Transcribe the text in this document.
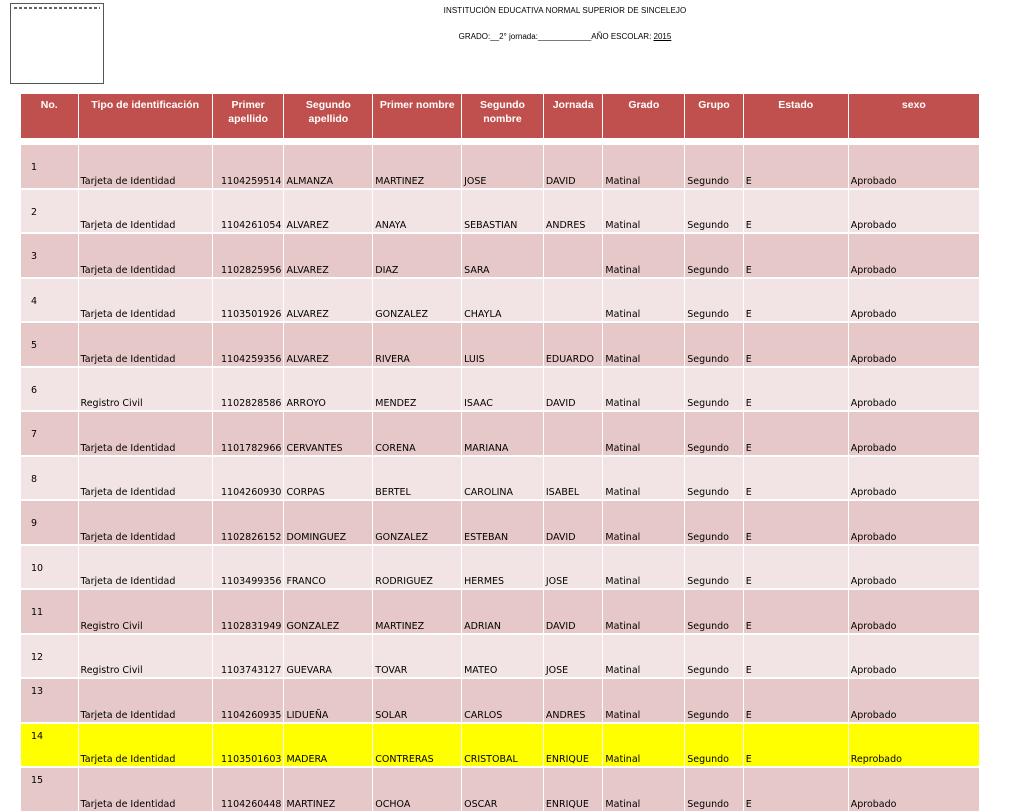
INSTITUCIÓN EDUCATIVA NORMAL SUPERIOR DE SINCELEJO
GRADO:__2° jornada:____________AÑO ESCOLAR: 2015
No.	Tipo de identificación	Primer apellido	Segundo apellido	Primer nombre	Segundo nombre	Jornada	Grado	Grupo	Estado	sexo

1	Tarjeta de Identidad	1104259514	ALMANZA	MARTINEZ	JOSE	DAVID	Matinal	Segundo	E	Aprobado

2	Tarjeta de Identidad	1104261054	ALVAREZ	ANAYA	SEBASTIAN	ANDRES	Matinal	Segundo	E	Aprobado

3	Tarjeta de Identidad	1102825956	ALVAREZ	DIAZ	SARA		Matinal	Segundo	E	Aprobado

4	Tarjeta de Identidad	1103501926	ALVAREZ	GONZALEZ	CHAYLA		Matinal	Segundo	E	Aprobado

5	Tarjeta de Identidad	1104259356	ALVAREZ	RIVERA	LUIS	EDUARDO	Matinal	Segundo	E	Aprobado

6	Registro Civil	1102828586	ARROYO	MENDEZ	ISAAC	DAVID	Matinal	Segundo	E	Aprobado

7	Tarjeta de Identidad	1101782966	CERVANTES	CORENA	MARIANA		Matinal	Segundo	E	Aprobado

8	Tarjeta de Identidad	1104260930	CORPAS	BERTEL	CAROLINA	ISABEL	Matinal	Segundo	E	Aprobado

9	Tarjeta de Identidad	1102826152	DOMINGUEZ	GONZALEZ	ESTEBAN	DAVID	Matinal	Segundo	E	Aprobado

10	Tarjeta de Identidad	1103499356	FRANCO	RODRIGUEZ	HERMES	JOSE	Matinal	Segundo	E	Aprobado

11	Registro Civil	1102831949	GONZALEZ	MARTINEZ	ADRIAN	DAVID	Matinal	Segundo	E	Aprobado

12	Registro Civil	1103743127	GUEVARA	TOVAR	MATEO	JOSE	Matinal	Segundo	E	Aprobado

13	Tarjeta de Identidad	1104260935	LIDUEÑA	SOLAR	CARLOS	ANDRES	Matinal	Segundo	E	Aprobado

14	Tarjeta de Identidad	1103501603	MADERA	CONTRERAS	CRISTOBAL	ENRIQUE	Matinal	Segundo	E	Reprobado

15	Tarjeta de Identidad	1104260448	MARTINEZ	OCHOA	OSCAR	ENRIQUE	Matinal	Segundo	E	Aprobado
